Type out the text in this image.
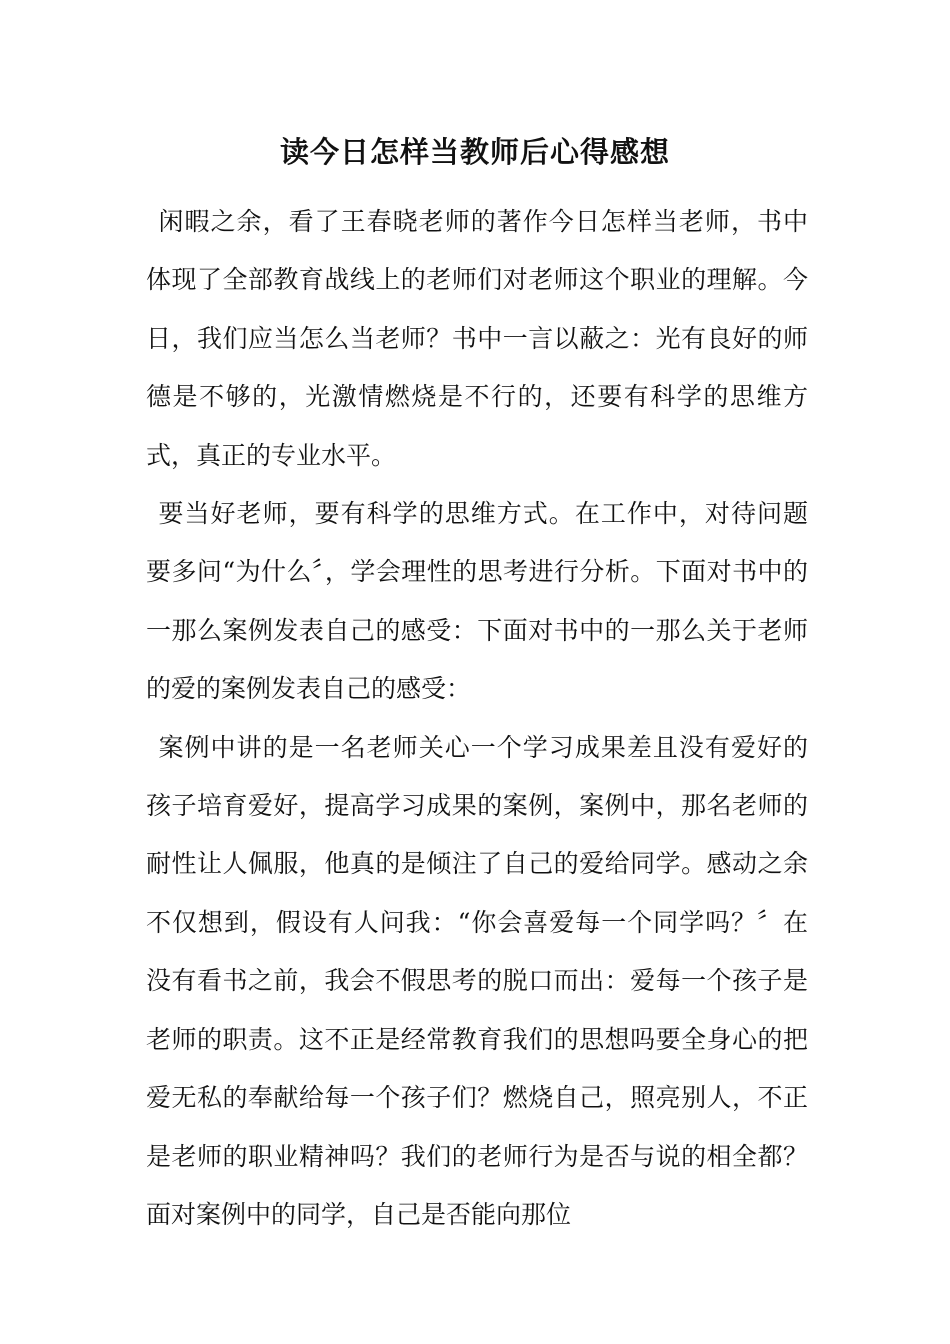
读今日怎样当教师后心得感想

闲暇之余，看了王春晓老师的著作今日怎样当老师，书中体现了全部教育战线上的老师们对老师这个职业的理解。今日，我们应当怎么当老师？书中一言以蔽之：光有良好的师德是不够的，光激情燃烧是不行的，还要有科学的思维方式，真正的专业水平。

要当好老师，要有科学的思维方式。在工作中，对待问题要多问“为什么〞，学会理性的思考进行分析。下面对书中的一那么案例发表自己的感受：下面对书中的一那么关于老师的爱的案例发表自己的感受：

案例中讲的是一名老师关心一个学习成果差且没有爱好的孩子培育爱好，提高学习成果的案例，案例中，那名老师的耐性让人佩服，他真的是倾注了自己的爱给同学。感动之余不仅想到，假设有人问我：“你会喜爱每一个同学吗？〞在没有看书之前，我会不假思考的脱口而出：爱每一个孩子是老师的职责。这不正是经常教育我们的思想吗要全身心的把爱无私的奉献给每一个孩子们？燃烧自己，照亮别人，不正是老师的职业精神吗？我们的老师行为是否与说的相全都？面对案例中的同学，自己是否能向那位
